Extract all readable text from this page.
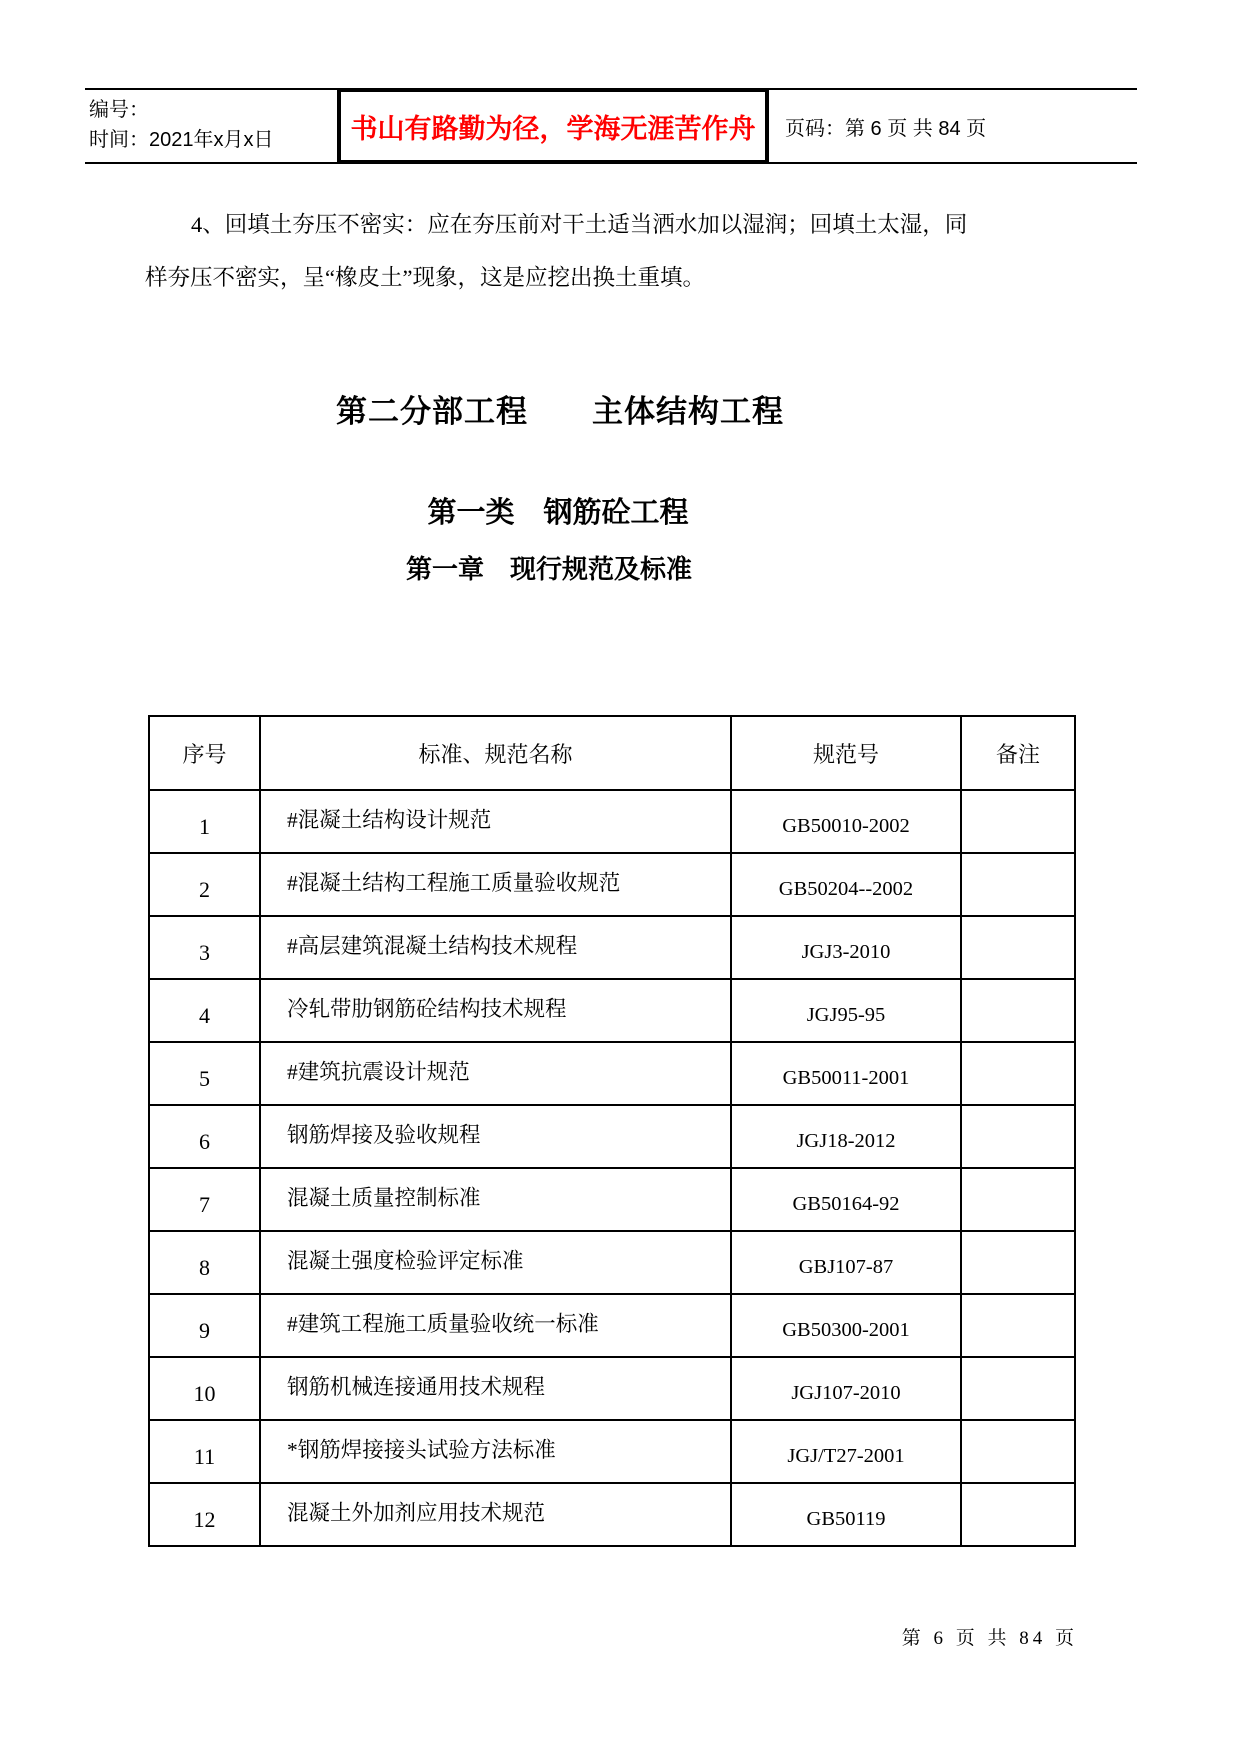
编号：
时间：2021年x月x日	书山有路勤为径，学海无涯苦作舟 页码：第 6 页 共 84 页
4、回填土夯压不密实：应在夯压前对干土适当洒水加以湿润；回填土太湿，同
样夯压不密实，呈“橡皮土”现象，这是应挖出换土重填。
第二分部工程　　主体结构工程
第一类　钢筋砼工程
第一章　现行规范及标准
序号	标准、规范名称	规范号	备注
1	#混凝土结构设计规范	GB50010-2002	
2	#混凝土结构工程施工质量验收规范	GB50204--2002	
3	#高层建筑混凝土结构技术规程	JGJ3-2010	
4	冷轧带肋钢筋砼结构技术规程	JGJ95-95	
5	#建筑抗震设计规范	GB50011-2001	
6	钢筋焊接及验收规程	JGJ18-2012	
7	混凝土质量控制标准	GB50164-92	
8	混凝土强度检验评定标准	GBJ107-87	
9	#建筑工程施工质量验收统一标准	GB50300-2001	
10	钢筋机械连接通用技术规程	JGJ107-2010	
11	*钢筋焊接接头试验方法标准	JGJ/T27-2001	
12	混凝土外加剂应用技术规范	GB50119	
第 6 页 共 84 页
